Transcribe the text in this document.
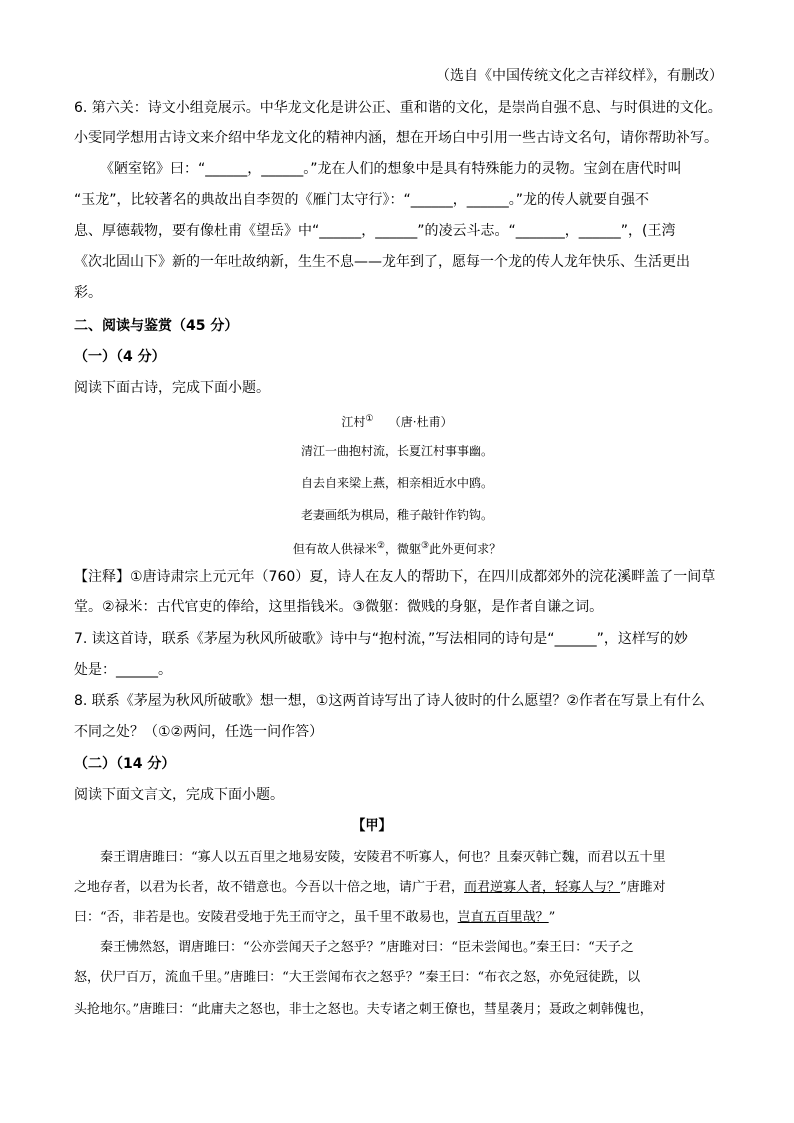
（选自《中国传统文化之吉祥纹样》，有删改）
6. 第六关：诗文小组竞展示。中华龙文化是讲公正、重和谐的文化，是崇尚自强不息、与时俱进的文化。
小雯同学想用古诗文来介绍中华龙文化的精神内涵，想在开场白中引用一些古诗文名句，请你帮助补写。
《陋室铭》曰：“______，______。”龙在人们的想象中是具有特殊能力的灵物。宝剑在唐代时叫
“玉龙”，比较著名的典故出自李贺的《雁门太守行》：“______，______。”龙的传人就要自强不
息、厚德载物，要有像杜甫《望岳》中“______，______”的凌云斗志。“_______，______”，(王湾
《次北固山下》新的一年吐故纳新，生生不息——龙年到了，愿每一个龙的传人龙年快乐、生活更出
彩。
二、阅读与鉴赏（45 分）
（一）（4 分）
阅读下面古诗，完成下面小题。
江村① （唐·杜甫）
清江一曲抱村流，长夏江村事事幽。
自去自来梁上燕，相亲相近水中鸥。
老妻画纸为棋局，稚子敲针作钓钩。
但有故人供禄米②，微躯③此外更何求？
【注释】①唐诗肃宗上元元年（760）夏，诗人在友人的帮助下，在四川成都郊外的浣花溪畔盖了一间草
堂。②禄米：古代官吏的俸给，这里指钱米。③微躯：微贱的身躯，是作者自谦之词。
7. 读这首诗，联系《茅屋为秋风所破歌》诗中与“抱村流，”写法相同的诗句是“______”，这样写的妙
处是：______。
8. 联系《茅屋为秋风所破歌》想一想，①这两首诗写出了诗人彼时的什么愿望？②作者在写景上有什么
不同之处？（①②两问，任选一问作答）
（二）（14 分）
阅读下面文言文，完成下面小题。
【甲】
秦王谓唐雎曰：“寡人以五百里之地易安陵，安陵君不听寡人，何也？且秦灭韩亡魏，而君以五十里
之地存者，以君为长者，故不错意也。今吾以十倍之地，请广于君，而君逆寡人者，轻寡人与？”唐雎对
曰：“否，非若是也。安陵君受地于先王而守之，虽千里不敢易也，岂直五百里哉？”
秦王怫然怒，谓唐雎曰：“公亦尝闻天子之怒乎？”唐雎对曰：“臣未尝闻也。”秦王曰：“天子之
怒，伏尸百万，流血千里。”唐雎曰：“大王尝闻布衣之怒乎？”秦王曰：“布衣之怒，亦免冠徒跣，以
头抢地尔。”唐雎曰：“此庸夫之怒也，非士之怒也。夫专诸之刺王僚也，彗星袭月；聂政之刺韩傀也，
